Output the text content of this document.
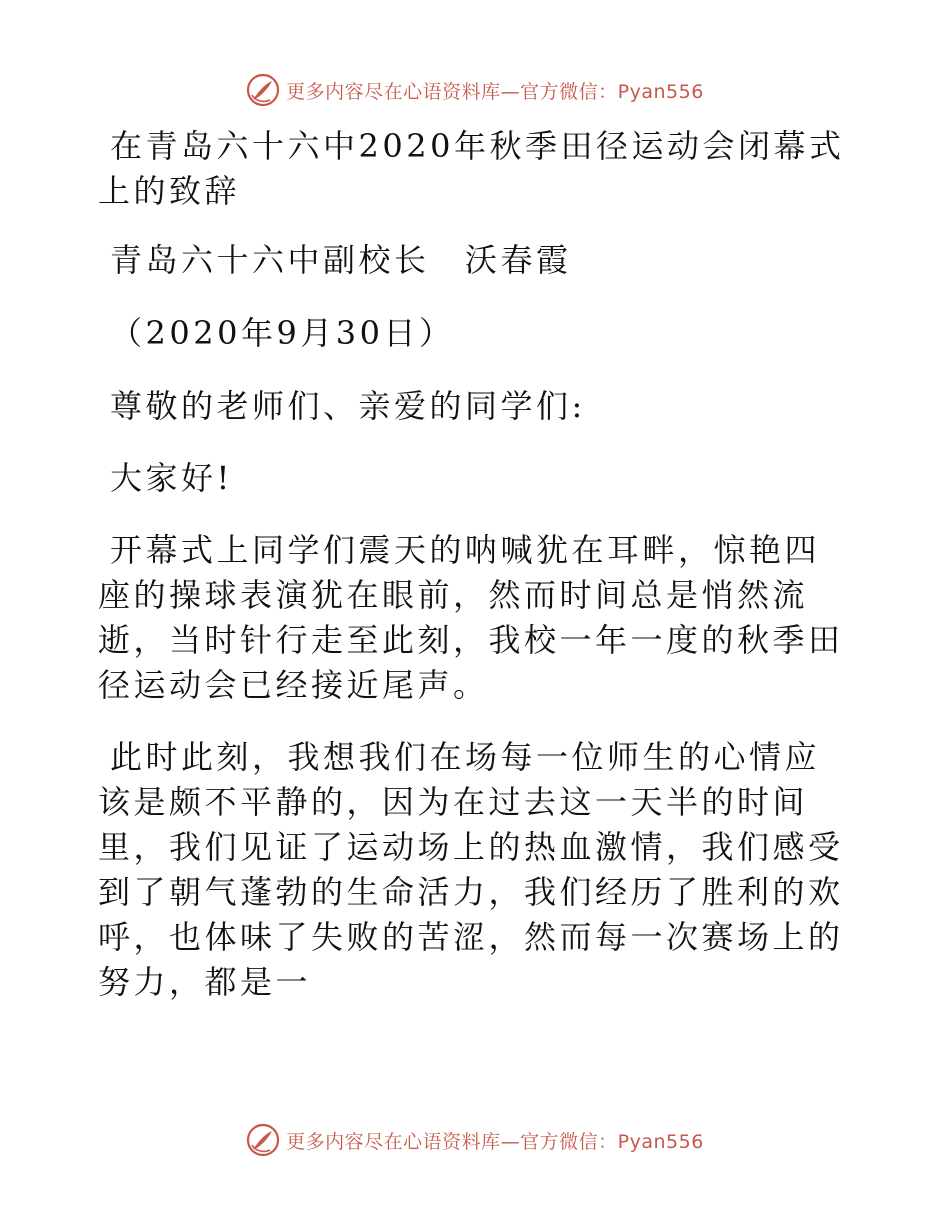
更多内容尽在心语资料库—官方微信：Pyan556

在青岛六十六中2020年秋季田径运动会闭幕式上的致辞

青岛六十六中副校长　沃春霞

（2020年9月30日）

尊敬的老师们、亲爱的同学们:

大家好!

开幕式上同学们震天的呐喊犹在耳畔，惊艳四座的操球表演犹在眼前，然而时间总是悄然流逝，当时针行走至此刻，我校一年一度的秋季田径运动会已经接近尾声。

此时此刻，我想我们在场每一位师生的心情应该是颇不平静的，因为在过去这一天半的时间里，我们见证了运动场上的热血激情，我们感受到了朝气蓬勃的生命活力，我们经历了胜利的欢呼，也体味了失败的苦涩，然而每一次赛场上的努力，都是一

更多内容尽在心语资料库—官方微信：Pyan556
